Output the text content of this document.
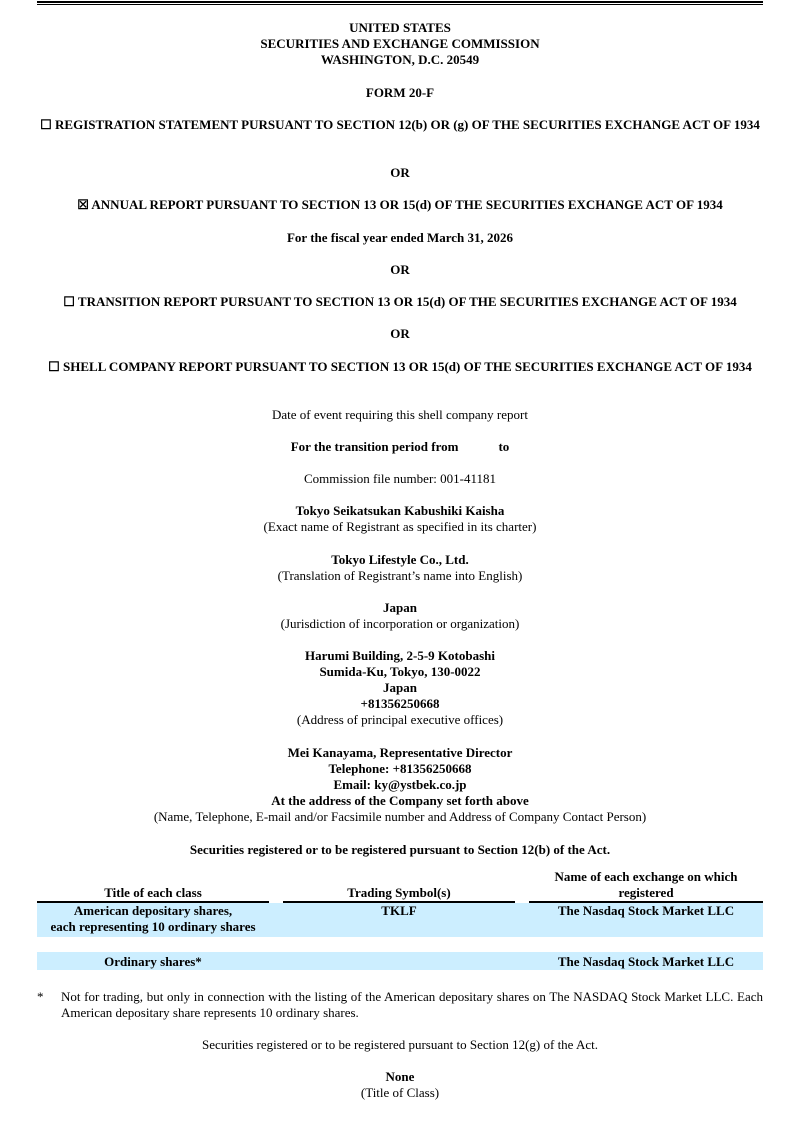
UNITED STATES
SECURITIES AND EXCHANGE COMMISSION
WASHINGTON, D.C. 20549
FORM 20-F
☐ REGISTRATION STATEMENT PURSUANT TO SECTION 12(b) OR (g) OF THE SECURITIES EXCHANGE ACT OF 1934
OR
☒ ANNUAL REPORT PURSUANT TO SECTION 13 OR 15(d) OF THE SECURITIES EXCHANGE ACT OF 1934
For the fiscal year ended March 31, 2026
OR
☐ TRANSITION REPORT PURSUANT TO SECTION 13 OR 15(d) OF THE SECURITIES EXCHANGE ACT OF 1934
OR
☐ SHELL COMPANY REPORT PURSUANT TO SECTION 13 OR 15(d) OF THE SECURITIES EXCHANGE ACT OF 1934
Date of event requiring this shell company report
For the transition period from	to
Commission file number: 001-41181
Tokyo Seikatsukan Kabushiki Kaisha
(Exact name of Registrant as specified in its charter)
Tokyo Lifestyle Co., Ltd.
(Translation of Registrant’s name into English)
Japan
(Jurisdiction of incorporation or organization)
Harumi Building, 2-5-9 Kotobashi
Sumida-Ku, Tokyo, 130-0022
Japan
+81356250668
(Address of principal executive offices)
Mei Kanayama, Representative Director
Telephone: +81356250668
Email: ky@ystbek.co.jp
At the address of the Company set forth above
(Name, Telephone, E-mail and/or Facsimile number and Address of Company Contact Person)
Securities registered or to be registered pursuant to Section 12(b) of the Act.
Title of each class		Trading Symbol(s)		Name of each exchange on which
registered

American depositary shares,
each representing 10 ordinary shares		TKLF		The Nasdaq Stock Market LLC

Ordinary shares*				The Nasdaq Stock Market LLC
* Not for trading, but only in connection with the listing of the American depositary shares on The NASDAQ Stock Market LLC. Each American depositary share represents 10 ordinary shares.
Securities registered or to be registered pursuant to Section 12(g) of the Act.
None
(Title of Class)
